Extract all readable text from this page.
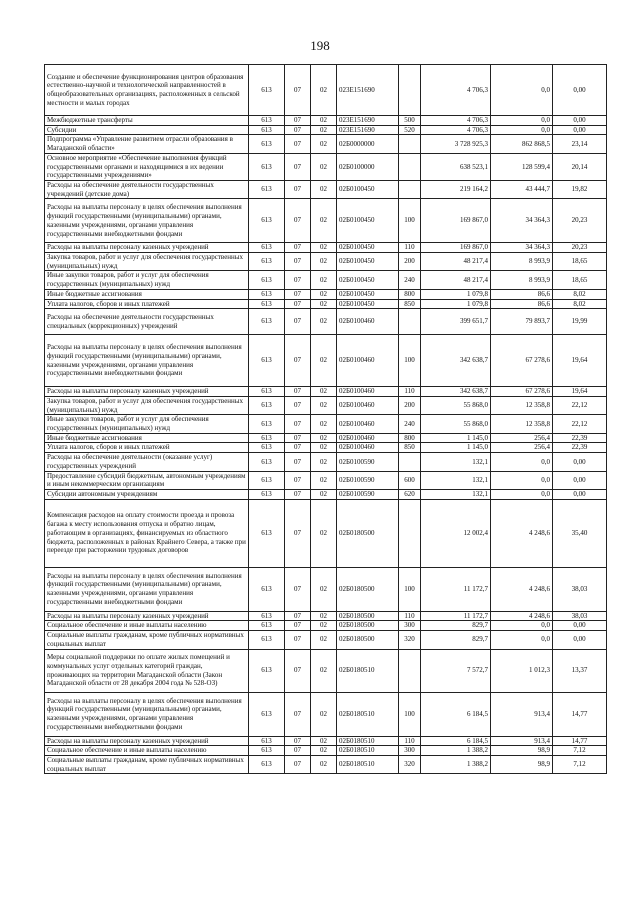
198
Создание и обеспечение функционирования центров образования естественно-научной и технологической направленностей в общеобразовательных организациях, расположенных в сельской местности и малых городах	613	07	02	023E151690		4 706,3	0,0	0,00
Межбюджетные трансферты	613	07	02	023E151690	500	4 706,3	0,0	0,00
Субсидии	613	07	02	023E151690	520	4 706,3	0,0	0,00
Подпрограмма «Управление развитием отрасли образования в Магаданской области»	613	07	02	02Б0000000		3 728 925,3	862 868,5	23,14
Основное мероприятие «Обеспечение выполнения функций государственными органами и находящимися в их ведении государственными учреждениями»	613	07	02	02Б0100000		638 523,1	128 599,4	20,14
Расходы на обеспечение деятельности государственных учреждений (детские дома)	613	07	02	02Б0100450		219 164,2	43 444,7	19,82
Расходы на выплаты персоналу в целях обеспечения выполнения функций государственными (муниципальными) органами, казенными учреждениями, органами управления государственными внебюджетными фондами	613	07	02	02Б0100450	100	169 867,0	34 364,3	20,23
Расходы на выплаты персоналу казенных учреждений	613	07	02	02Б0100450	110	169 867,0	34 364,3	20,23
Закупка товаров, работ и услуг для обеспечения государственных (муниципальных) нужд	613	07	02	02Б0100450	200	48 217,4	8 993,9	18,65
Иные закупки товаров, работ и услуг для обеспечения государственных (муниципальных) нужд	613	07	02	02Б0100450	240	48 217,4	8 993,9	18,65
Иные бюджетные ассигнования	613	07	02	02Б0100450	800	1 079,8	86,6	8,02
Уплата налогов, сборов и иных платежей	613	07	02	02Б0100450	850	1 079,8	86,6	8,02
Расходы на обеспечение деятельности государственных специальных (коррекционных) учреждений	613	07	02	02Б0100460		399 651,7	79 893,7	19,99
Расходы на выплаты персоналу в целях обеспечения выполнения функций государственными (муниципальными) органами, казенными учреждениями, органами управления государственными внебюджетными фондами	613	07	02	02Б0100460	100	342 638,7	67 278,6	19,64
Расходы на выплаты персоналу казенных учреждений	613	07	02	02Б0100460	110	342 638,7	67 278,6	19,64
Закупка товаров, работ и услуг для обеспечения государственных (муниципальных) нужд	613	07	02	02Б0100460	200	55 868,0	12 358,8	22,12
Иные закупки товаров, работ и услуг для обеспечения государственных (муниципальных) нужд	613	07	02	02Б0100460	240	55 868,0	12 358,8	22,12
Иные бюджетные ассигнования	613	07	02	02Б0100460	800	1 145,0	256,4	22,39
Уплата налогов, сборов и иных платежей	613	07	02	02Б0100460	850	1 145,0	256,4	22,39
Расходы на обеспечение деятельности (оказание услуг) государственных учреждений	613	07	02	02Б0100590		132,1	0,0	0,00
Предоставление субсидий бюджетным, автономным учреждениям и иным некоммерческим организациям	613	07	02	02Б0100590	600	132,1	0,0	0,00
Субсидии автономным учреждениям	613	07	02	02Б0100590	620	132,1	0,0	0,00
Компенсация расходов на оплату стоимости проезда и провоза багажа к месту использования отпуска и обратно лицам, работающим в организациях, финансируемых из областного бюджета, расположенных в районах Крайнего Севера, а также при переезде при расторжении трудовых договоров	613	07	02	02Б0180500		12 002,4	4 248,6	35,40
Расходы на выплаты персоналу в целях обеспечения выполнения функций государственными (муниципальными) органами, казенными учреждениями, органами управления государственными внебюджетными фондами	613	07	02	02Б0180500	100	11 172,7	4 248,6	38,03
Расходы на выплаты персоналу казенных учреждений	613	07	02	02Б0180500	110	11 172,7	4 248,6	38,03
Социальное обеспечение и иные выплаты населению	613	07	02	02Б0180500	300	829,7	0,0	0,00
Социальные выплаты гражданам, кроме публичных нормативных социальных выплат	613	07	02	02Б0180500	320	829,7	0,0	0,00
Меры социальной поддержки по оплате жилых помещений и коммунальных услуг отдельных категорий граждан, проживающих на территории Магаданской области (Закон Магаданской области от 28 декабря 2004 года № 528-ОЗ)	613	07	02	02Б0180510		7 572,7	1 012,3	13,37
Расходы на выплаты персоналу в целях обеспечения выполнения функций государственными (муниципальными) органами, казенными учреждениями, органами управления государственными внебюджетными фондами	613	07	02	02Б0180510	100	6 184,5	913,4	14,77
Расходы на выплаты персоналу казенных учреждений	613	07	02	02Б0180510	110	6 184,5	913,4	14,77
Социальное обеспечение и иные выплаты населению	613	07	02	02Б0180510	300	1 388,2	98,9	7,12
Социальные выплаты гражданам, кроме публичных нормативных социальных выплат	613	07	02	02Б0180510	320	1 388,2	98,9	7,12
